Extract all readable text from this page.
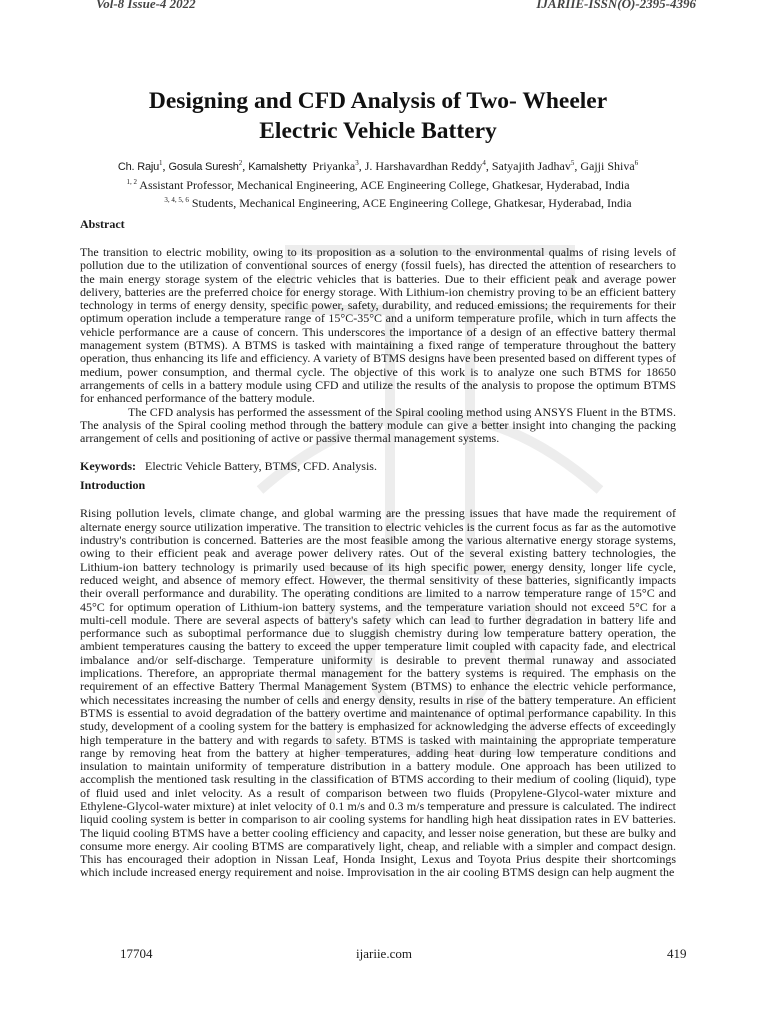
Vol-8 Issue-4 2022	IJARIIE-ISSN(O)-2395-4396
Designing and CFD Analysis of Two- Wheeler
Electric Vehicle Battery
Ch. Raju$^1$, Gosula Suresh$^2$, Kamalshetty Priyanka$^3$, J. Harshavardhan Reddy$^4$, Satyajith Jadhav$^5$, Gajji Shiva$^6$
$^{1, 2}$ Assistant Professor, Mechanical Engineering, ACE Engineering College, Ghatkesar, Hyderabad, India
$^{3, 4, 5, 6}$ Students, Mechanical Engineering, ACE Engineering College, Ghatkesar, Hyderabad, India

Abstract

The transition to electric mobility, owing to its proposition as a solution to the environmental qualms of rising levels of pollution due to the utilization of conventional sources of energy (fossil fuels), has directed the attention of researchers to the main energy storage system of the electric vehicles that is batteries. Due to their efficient peak and average power delivery, batteries are the preferred choice for energy storage. With Lithium-ion chemistry proving to be an efficient battery technology in terms of energy density, specific power, safety, durability, and reduced emissions; the requirements for their optimum operation include a temperature range of 15°C-35°C and a uniform temperature profile, which in turn affects the vehicle performance are a cause of concern. This underscores the importance of a design of an effective battery thermal management system (BTMS). A BTMS is tasked with maintaining a fixed range of temperature throughout the battery operation, thus enhancing its life and efficiency. A variety of BTMS designs have been presented based on different types of medium, power consumption, and thermal cycle. The objective of this work is to analyze one such BTMS for 18650 arrangements of cells in a battery module using CFD and utilize the results of the analysis to propose the optimum BTMS for enhanced performance of the battery module.

The CFD analysis has performed the assessment of the Spiral cooling method using ANSYS Fluent in the BTMS. The analysis of the Spiral cooling method through the battery module can give a better insight into changing the packing arrangement of cells and positioning of active or passive thermal management systems.

Keywords: Electric Vehicle Battery, BTMS, CFD. Analysis.

Introduction

Rising pollution levels, climate change, and global warming are the pressing issues that have made the requirement of alternate energy source utilization imperative. The transition to electric vehicles is the current focus as far as the automotive industry's contribution is concerned. Batteries are the most feasible among the various alternative energy storage systems, owing to their efficient peak and average power delivery rates. Out of the several existing battery technologies, the Lithium-ion battery technology is primarily used because of its high specific power, energy density, longer life cycle, reduced weight, and absence of memory effect. However, the thermal sensitivity of these batteries, significantly impacts their overall performance and durability. The operating conditions are limited to a narrow temperature range of 15°C and 45°C for optimum operation of Lithium-ion battery systems, and the temperature variation should not exceed 5°C for a multi-cell module. There are several aspects of battery's safety which can lead to further degradation in battery life and performance such as suboptimal performance due to sluggish chemistry during low temperature battery operation, the ambient temperatures causing the battery to exceed the upper temperature limit coupled with capacity fade, and electrical imbalance and/or self-discharge. Temperature uniformity is desirable to prevent thermal runaway and associated implications. Therefore, an appropriate thermal management for the battery systems is required. The emphasis on the requirement of an effective Battery Thermal Management System (BTMS) to enhance the electric vehicle performance, which necessitates increasing the number of cells and energy density, results in rise of the battery temperature. An efficient BTMS is essential to avoid degradation of the battery overtime and maintenance of optimal performance capability. In this study, development of a cooling system for the battery is emphasized for acknowledging the adverse effects of exceedingly high temperature in the battery and with regards to safety. BTMS is tasked with maintaining the appropriate temperature range by removing heat from the battery at higher temperatures, adding heat during low temperature conditions and insulation to maintain uniformity of temperature distribution in a battery module. One approach has been utilized to accomplish the mentioned task resulting in the classification of BTMS according to their medium of cooling (liquid), type of fluid used and inlet velocity. As a result of comparison between two fluids (Propylene-Glycol-water mixture and Ethylene-Glycol-water mixture) at inlet velocity of 0.1 m/s and 0.3 m/s temperature and pressure is calculated. The indirect liquid cooling system is better in comparison to air cooling systems for handling high heat dissipation rates in EV batteries. The liquid cooling BTMS have a better cooling efficiency and capacity, and lesser noise generation, but these are bulky and consume more energy. Air cooling BTMS are comparatively light, cheap, and reliable with a simpler and compact design. This has encouraged their adoption in Nissan Leaf, Honda Insight, Lexus and Toyota Prius despite their shortcomings which include increased energy requirement and noise. Improvisation in the air cooling BTMS design can help augment the

17704	ijariie.com	419
